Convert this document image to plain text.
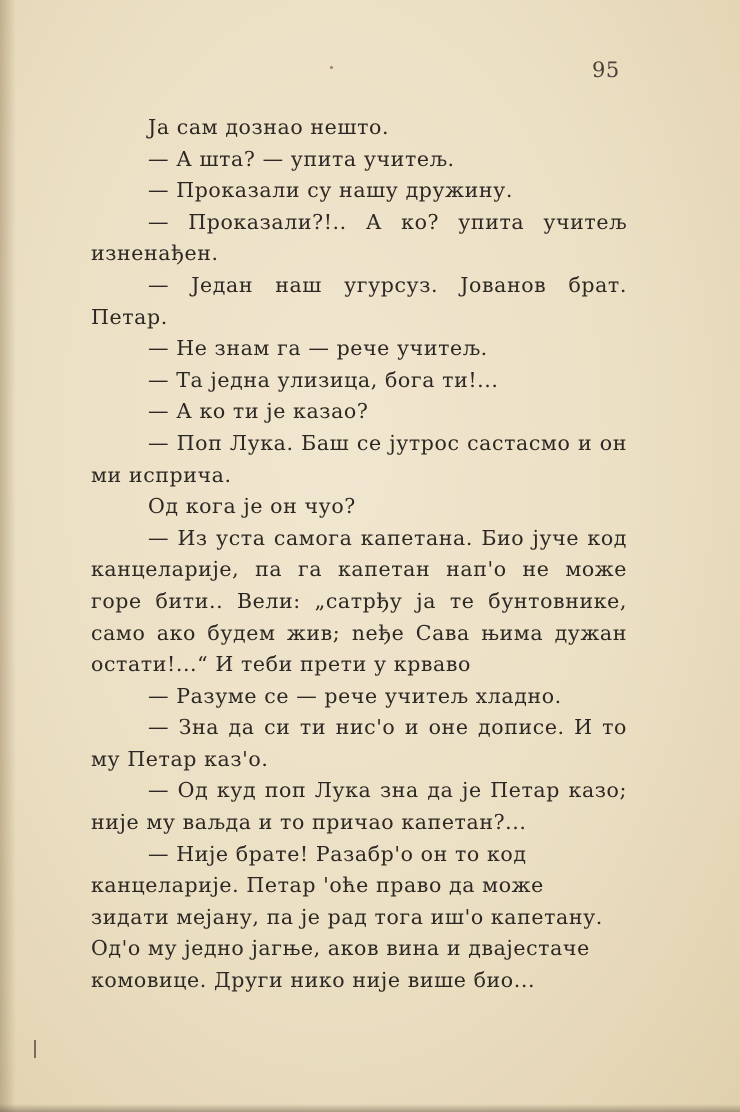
95

Ја сам дознао нешто.

— А шта? — упита учитељ.

— Проказали су нашу дружину.

— Проказали?!.. А ко? упита учитељ изненађен.

— Један наш угурсуз. Јованов брат. Петар.

— Не знам га — рече учитељ.

— Та једна улизица, бога ти!...

— А ко ти је казао?

— Поп Лука. Баш се јутрос састасмо и он ми исприча.

Од кога је он чуо?

— Из уста самога капетана. Био јуче код канцеларије, па га капетан нап'о не може горе бити.. Вели: „сатрђу ја те бунтовнике, само ако будем жив; neђе Сава њима дужан остати!...“ И теби прети у крваво

— Разуме се — рече учитељ хладно.

— Зна да си ти нис'о и оне дописе. И то му Петар каз'о.

— Од куд поп Лука зна да је Петар казо; није му ваљда и то причао капетан?...

— Није брате! Разабр'о он то код канцеларије. Петар 'оће право да може зидати мејану, па је рад тога иш'о капетану. Од'о му једно јагње, аков вина и двајестаче комовице. Други нико није више био...
